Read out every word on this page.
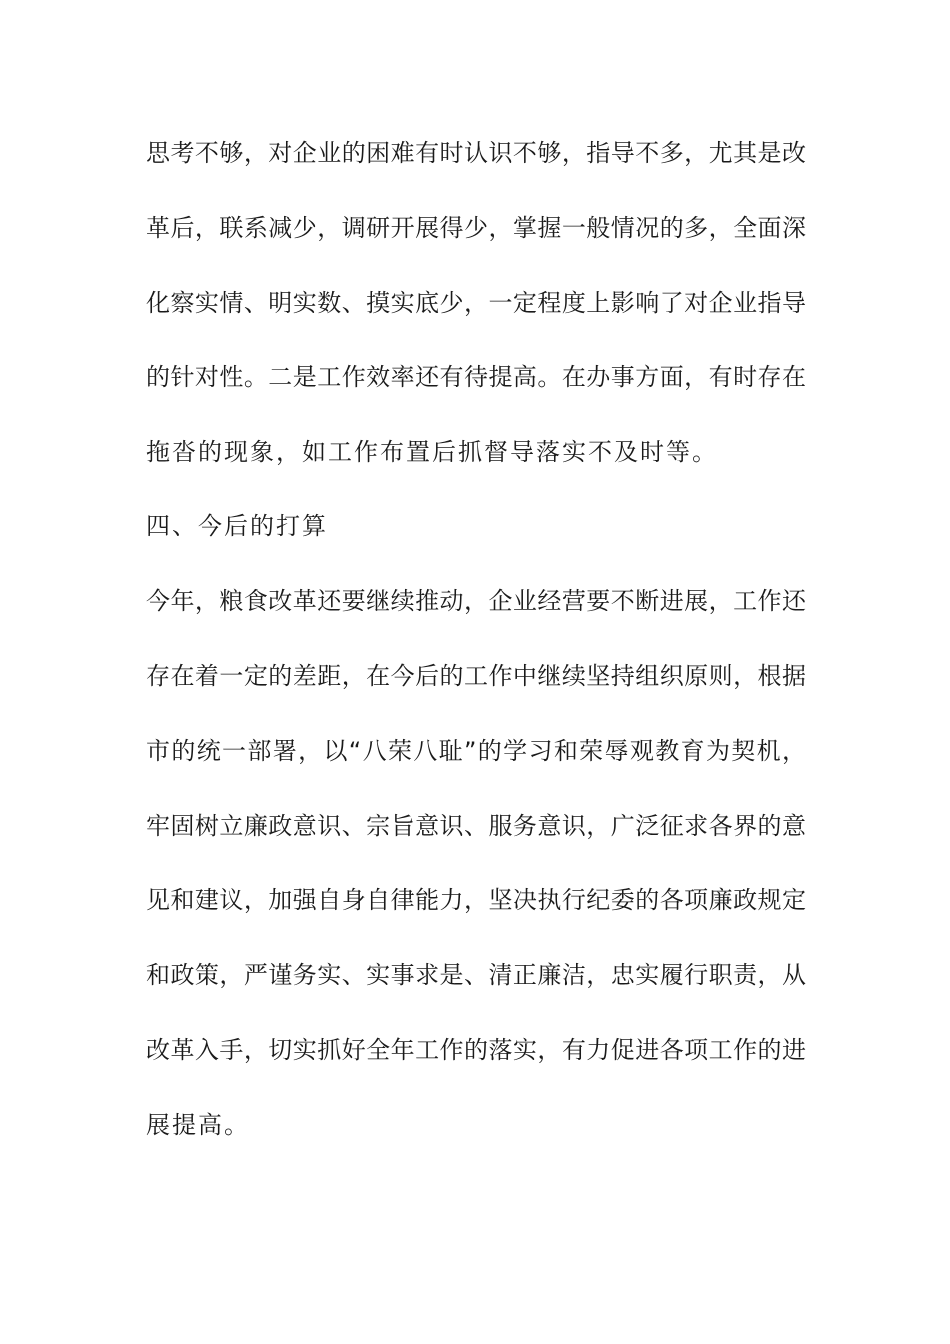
思考不够，对企业的困难有时认识不够，指导不多，尤其是改
革后，联系减少，调研开展得少，掌握一般情况的多，全面深
化察实情、明实数、摸实底少，一定程度上影响了对企业指导
的针对性。二是工作效率还有待提高。在办事方面，有时存在
拖沓的现象，如工作布置后抓督导落实不及时等。
四、今后的打算
今年，粮食改革还要继续推动，企业经营要不断进展，工作还
存在着一定的差距，在今后的工作中继续坚持组织原则，根据
市的统一部署，以“八荣八耻”的学习和荣辱观教育为契机，
牢固树立廉政意识、宗旨意识、服务意识，广泛征求各界的意
见和建议，加强自身自律能力，坚决执行纪委的各项廉政规定
和政策，严谨务实、实事求是、清正廉洁，忠实履行职责，从
改革入手，切实抓好全年工作的落实，有力促进各项工作的进
展提高。
